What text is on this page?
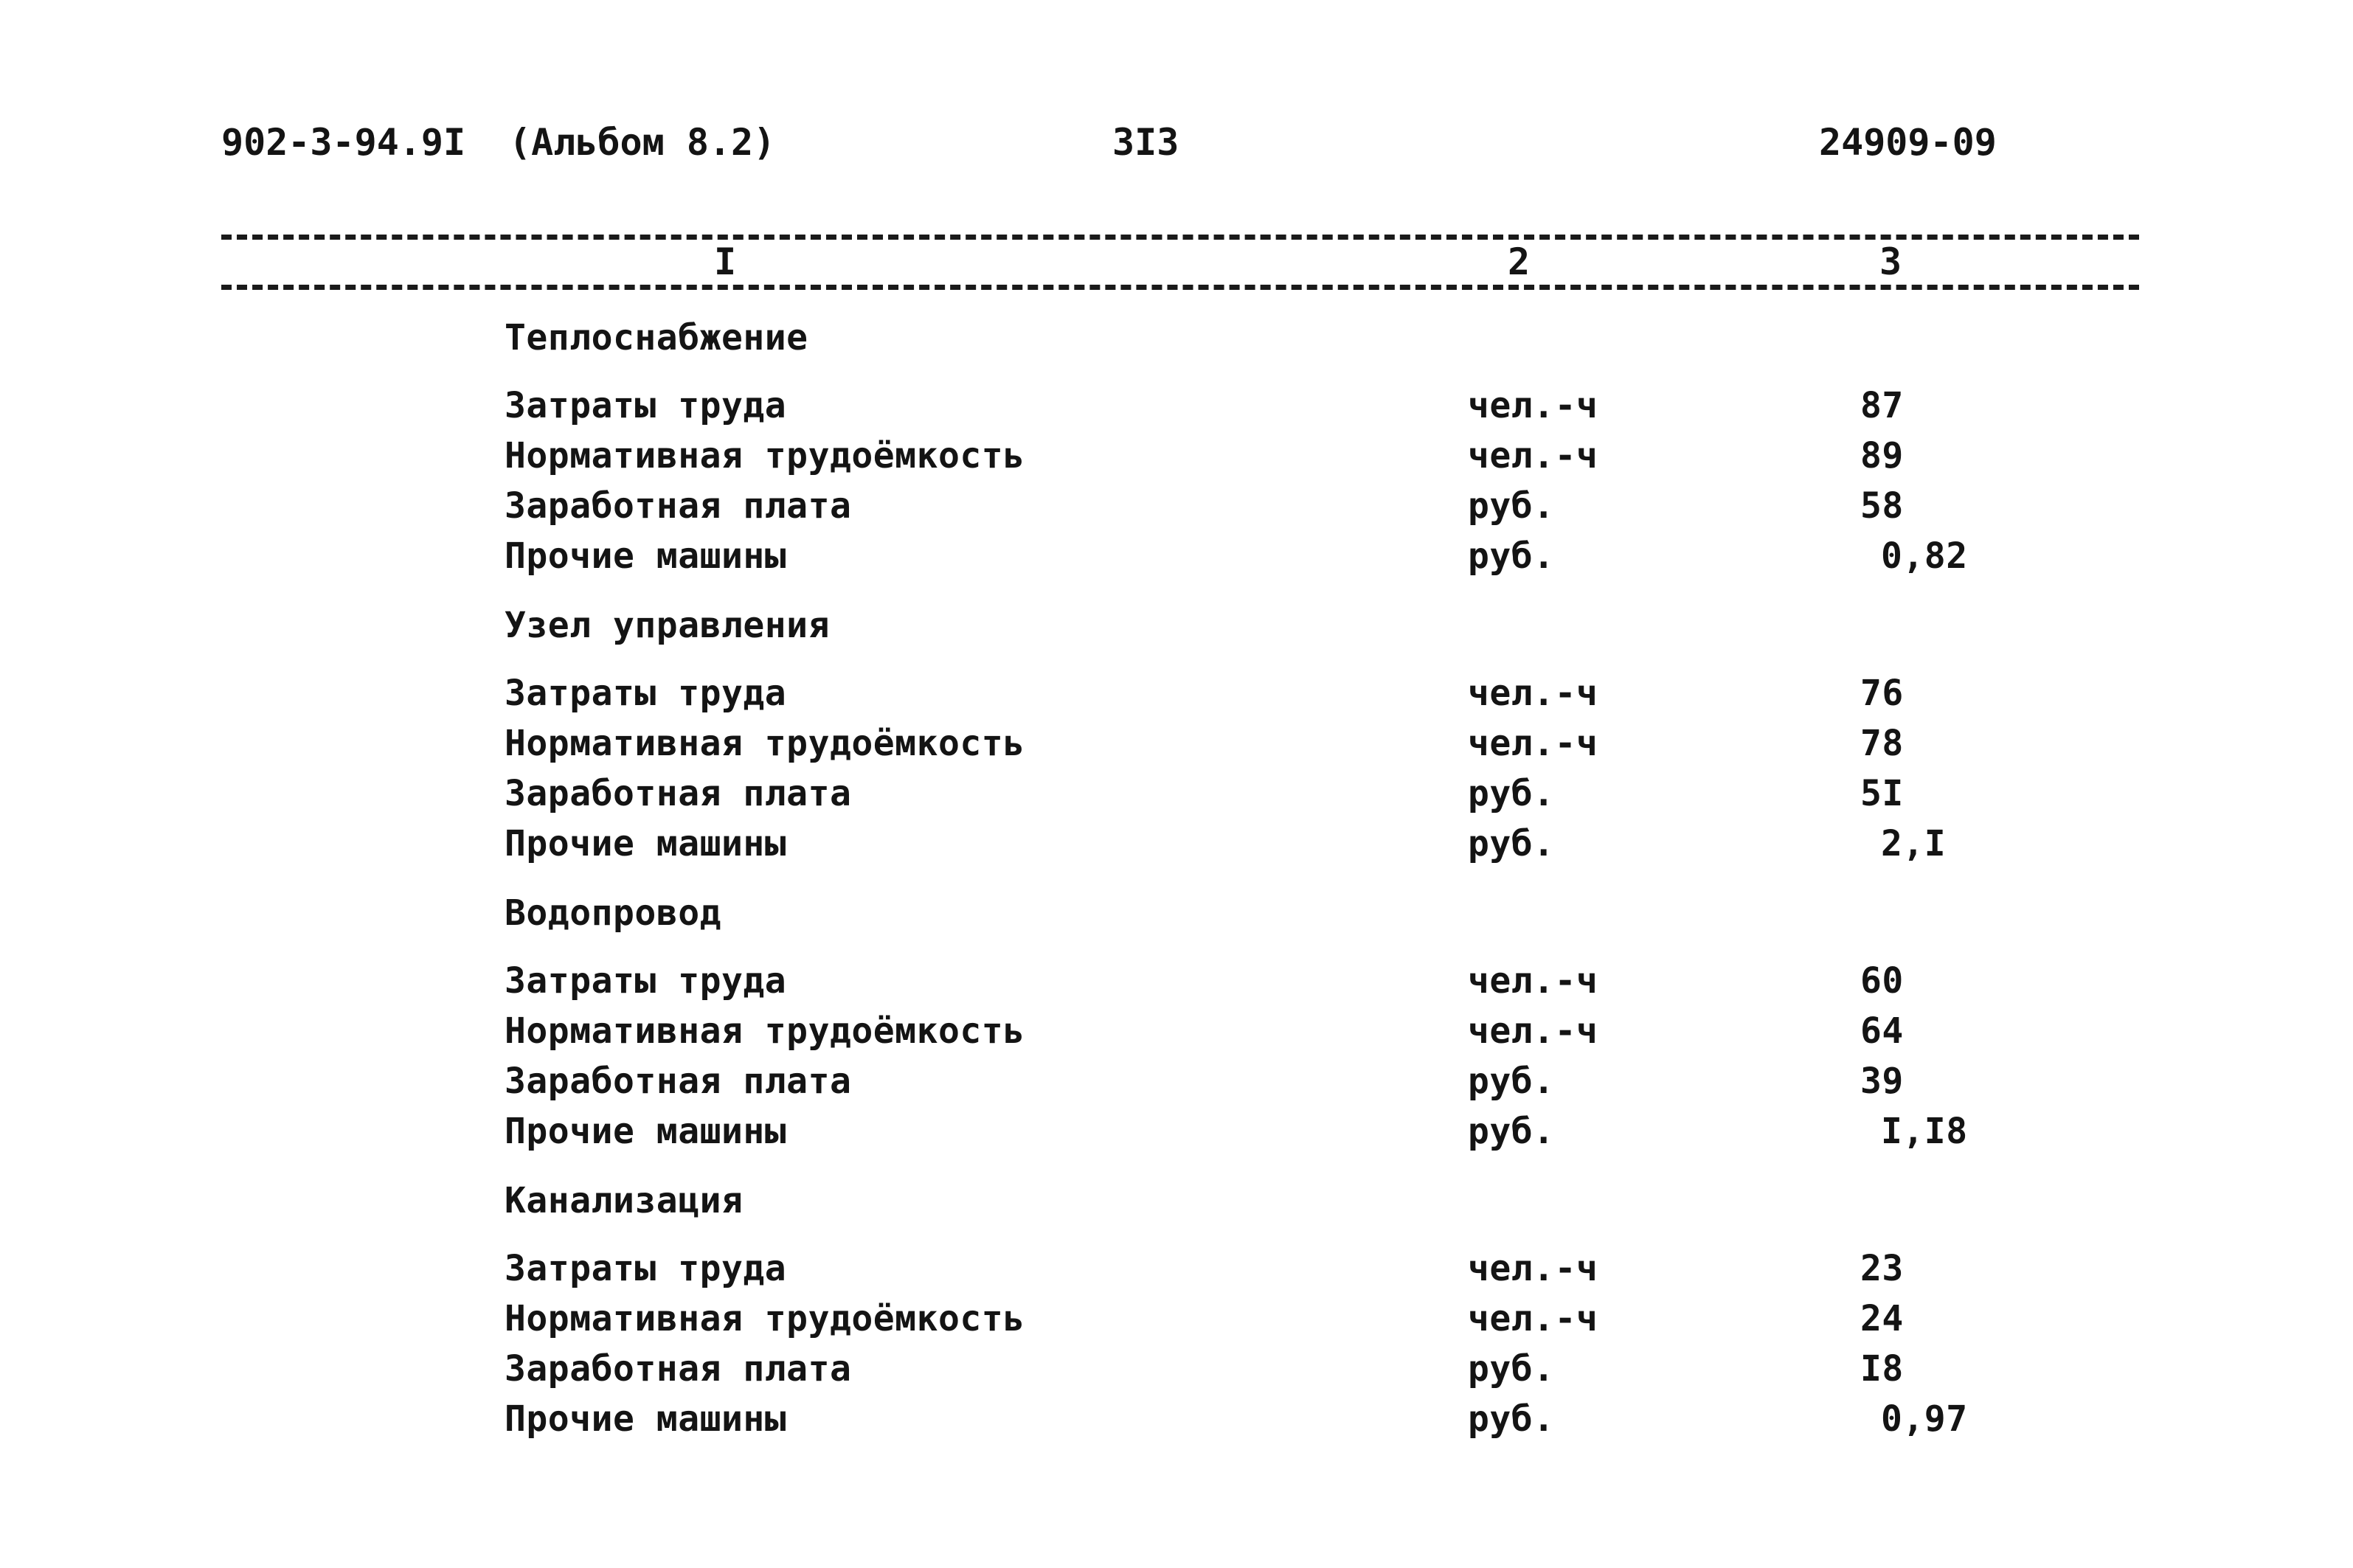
902-3-94.9I (Альбом 8.2)	3I3	24909-09
I	2	3
Теплоснабжение
Затраты труда	чел.-ч	87
Нормативная трудоёмкость	чел.-ч	89
Заработная плата	руб.	58
Прочие машины	руб.	0,82
Узел управления
Затраты труда	чел.-ч	76
Нормативная трудоёмкость	чел.-ч	78
Заработная плата	руб.	5I
Прочие машины	руб.	2,I
Водопровод
Затраты труда	чел.-ч	60
Нормативная трудоёмкость	чел.-ч	64
Заработная плата	руб.	39
Прочие машины	руб.	I,I8
Канализация
Затраты труда	чел.-ч	23
Нормативная трудоёмкость	чел.-ч	24
Заработная плата	руб.	I8
Прочие машины	руб.	0,97
